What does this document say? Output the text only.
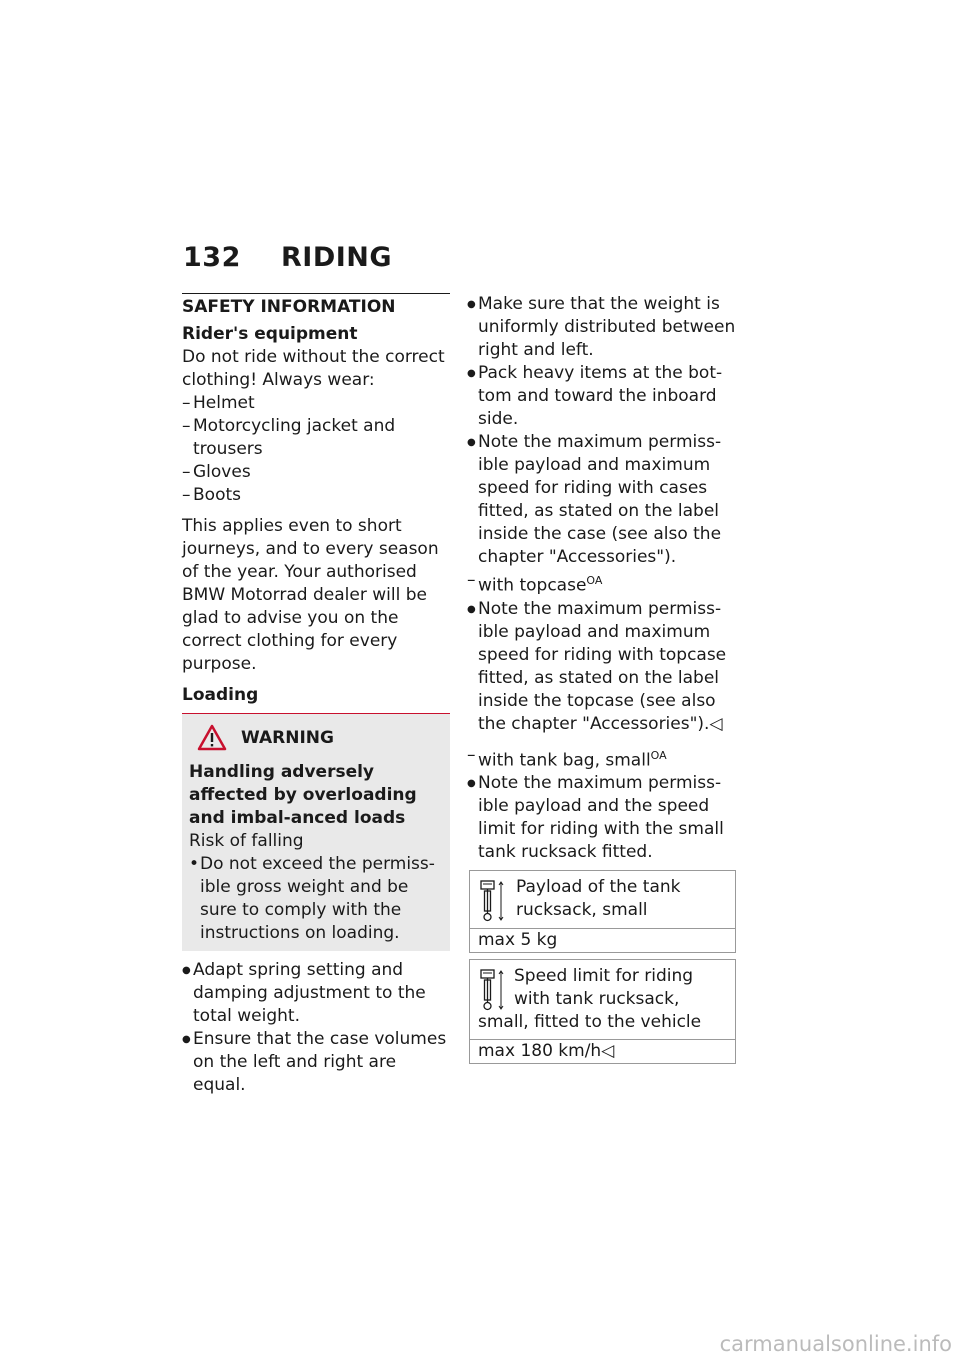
132 RIDING
SAFETY INFORMATION
Rider's equipment
Do not ride without the correct clothing! Always wear:
– Helmet
– Motorcycling jacket and trousers
– Gloves
– Boots
This applies even to short journeys, and to every season of the year. Your authorised BMW Motorrad dealer will be glad to advise you on the correct clothing for every purpose.
Loading
WARNING
Handling adversely affected by overloading and imbal-anced loads
Risk of falling
• Do not exceed the permiss-ible gross weight and be sure to comply with the instructions on loading.
● Adapt spring setting and damping adjustment to the total weight.
● Ensure that the case volumes on the left and right are equal.
● Make sure that the weight is uniformly distributed between right and left.
● Pack heavy items at the bot-tom and toward the inboard side.
● Note the maximum permiss-ible payload and maximum speed for riding with cases fitted, as stated on the label inside the case (see also the chapter "Accessories").
– with topcase$^{OA}$
● Note the maximum permiss-ible payload and maximum speed for riding with topcase fitted, as stated on the label inside the topcase (see also the chapter "Accessories").◁
– with tank bag, small$^{OA}$
● Note the maximum permiss-ible payload and the speed limit for riding with the small tank rucksack fitted.
Payload of the tank rucksack, small
max 5 kg
Speed limit for riding
with tank rucksack,
small, fitted to the vehicle
max 180 km/h◁
carmanualsonline.info
